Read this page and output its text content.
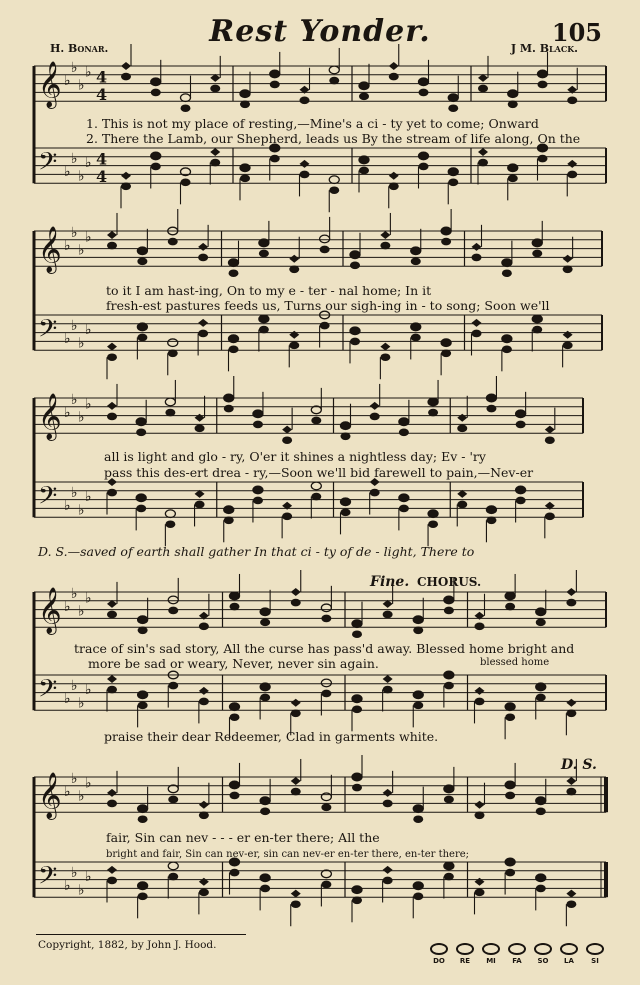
Rest Yonder.	105
H. Bonar.	J M. Black.
𝄞 ♭
♭
♭
♭ 4
4
𝄢 ♭
♭
♭
♭ 4
4
𝄞 ♭
♭
♭
♭
𝄢 ♭
♭
♭
♭
𝄞 ♭
♭
♭
♭
𝄢 ♭
♭
♭
♭
𝄞 ♭
♭
♭
♭
𝄢 ♭
♭
♭
♭
𝄞 ♭
♭
♭
♭
𝄢 ♭
♭
♭
♭
1. This is not my place of resting,—Mine's a ci - ty yet to come; Onward
2. There the Lamb, our Shepherd, leads us By the stream of life along, On the
to it I am hast-ing, On to my e - ter - nal home; In it
fresh-est pastures feeds us, Turns our sigh-ing in - to song; Soon we'll
all is light and glo - ry, O'er it shines a nightless day; Ev - 'ry
pass this des-ert drea - ry,—Soon we'll bid farewell to pain,—Nev-er
D. S.—saved of earth shall gather In that ci - ty of de - light, There to
Fine. CHORUS.
trace of sin's sad story, All the curse has pass'd away. Blessed home bright and
more be sad or weary, Never, never sin again.	blessed home
praise their dear Redeemer, Clad in garments white.
D. S.
fair, Sin can nev - - - er en-ter there; All the
bright and fair, Sin can nev-er, sin can nev-er en-ter there, en-ter there;
Copyright, 1882, by John J. Hood.
DO	RE	MI	FA	SO	LA	SI
